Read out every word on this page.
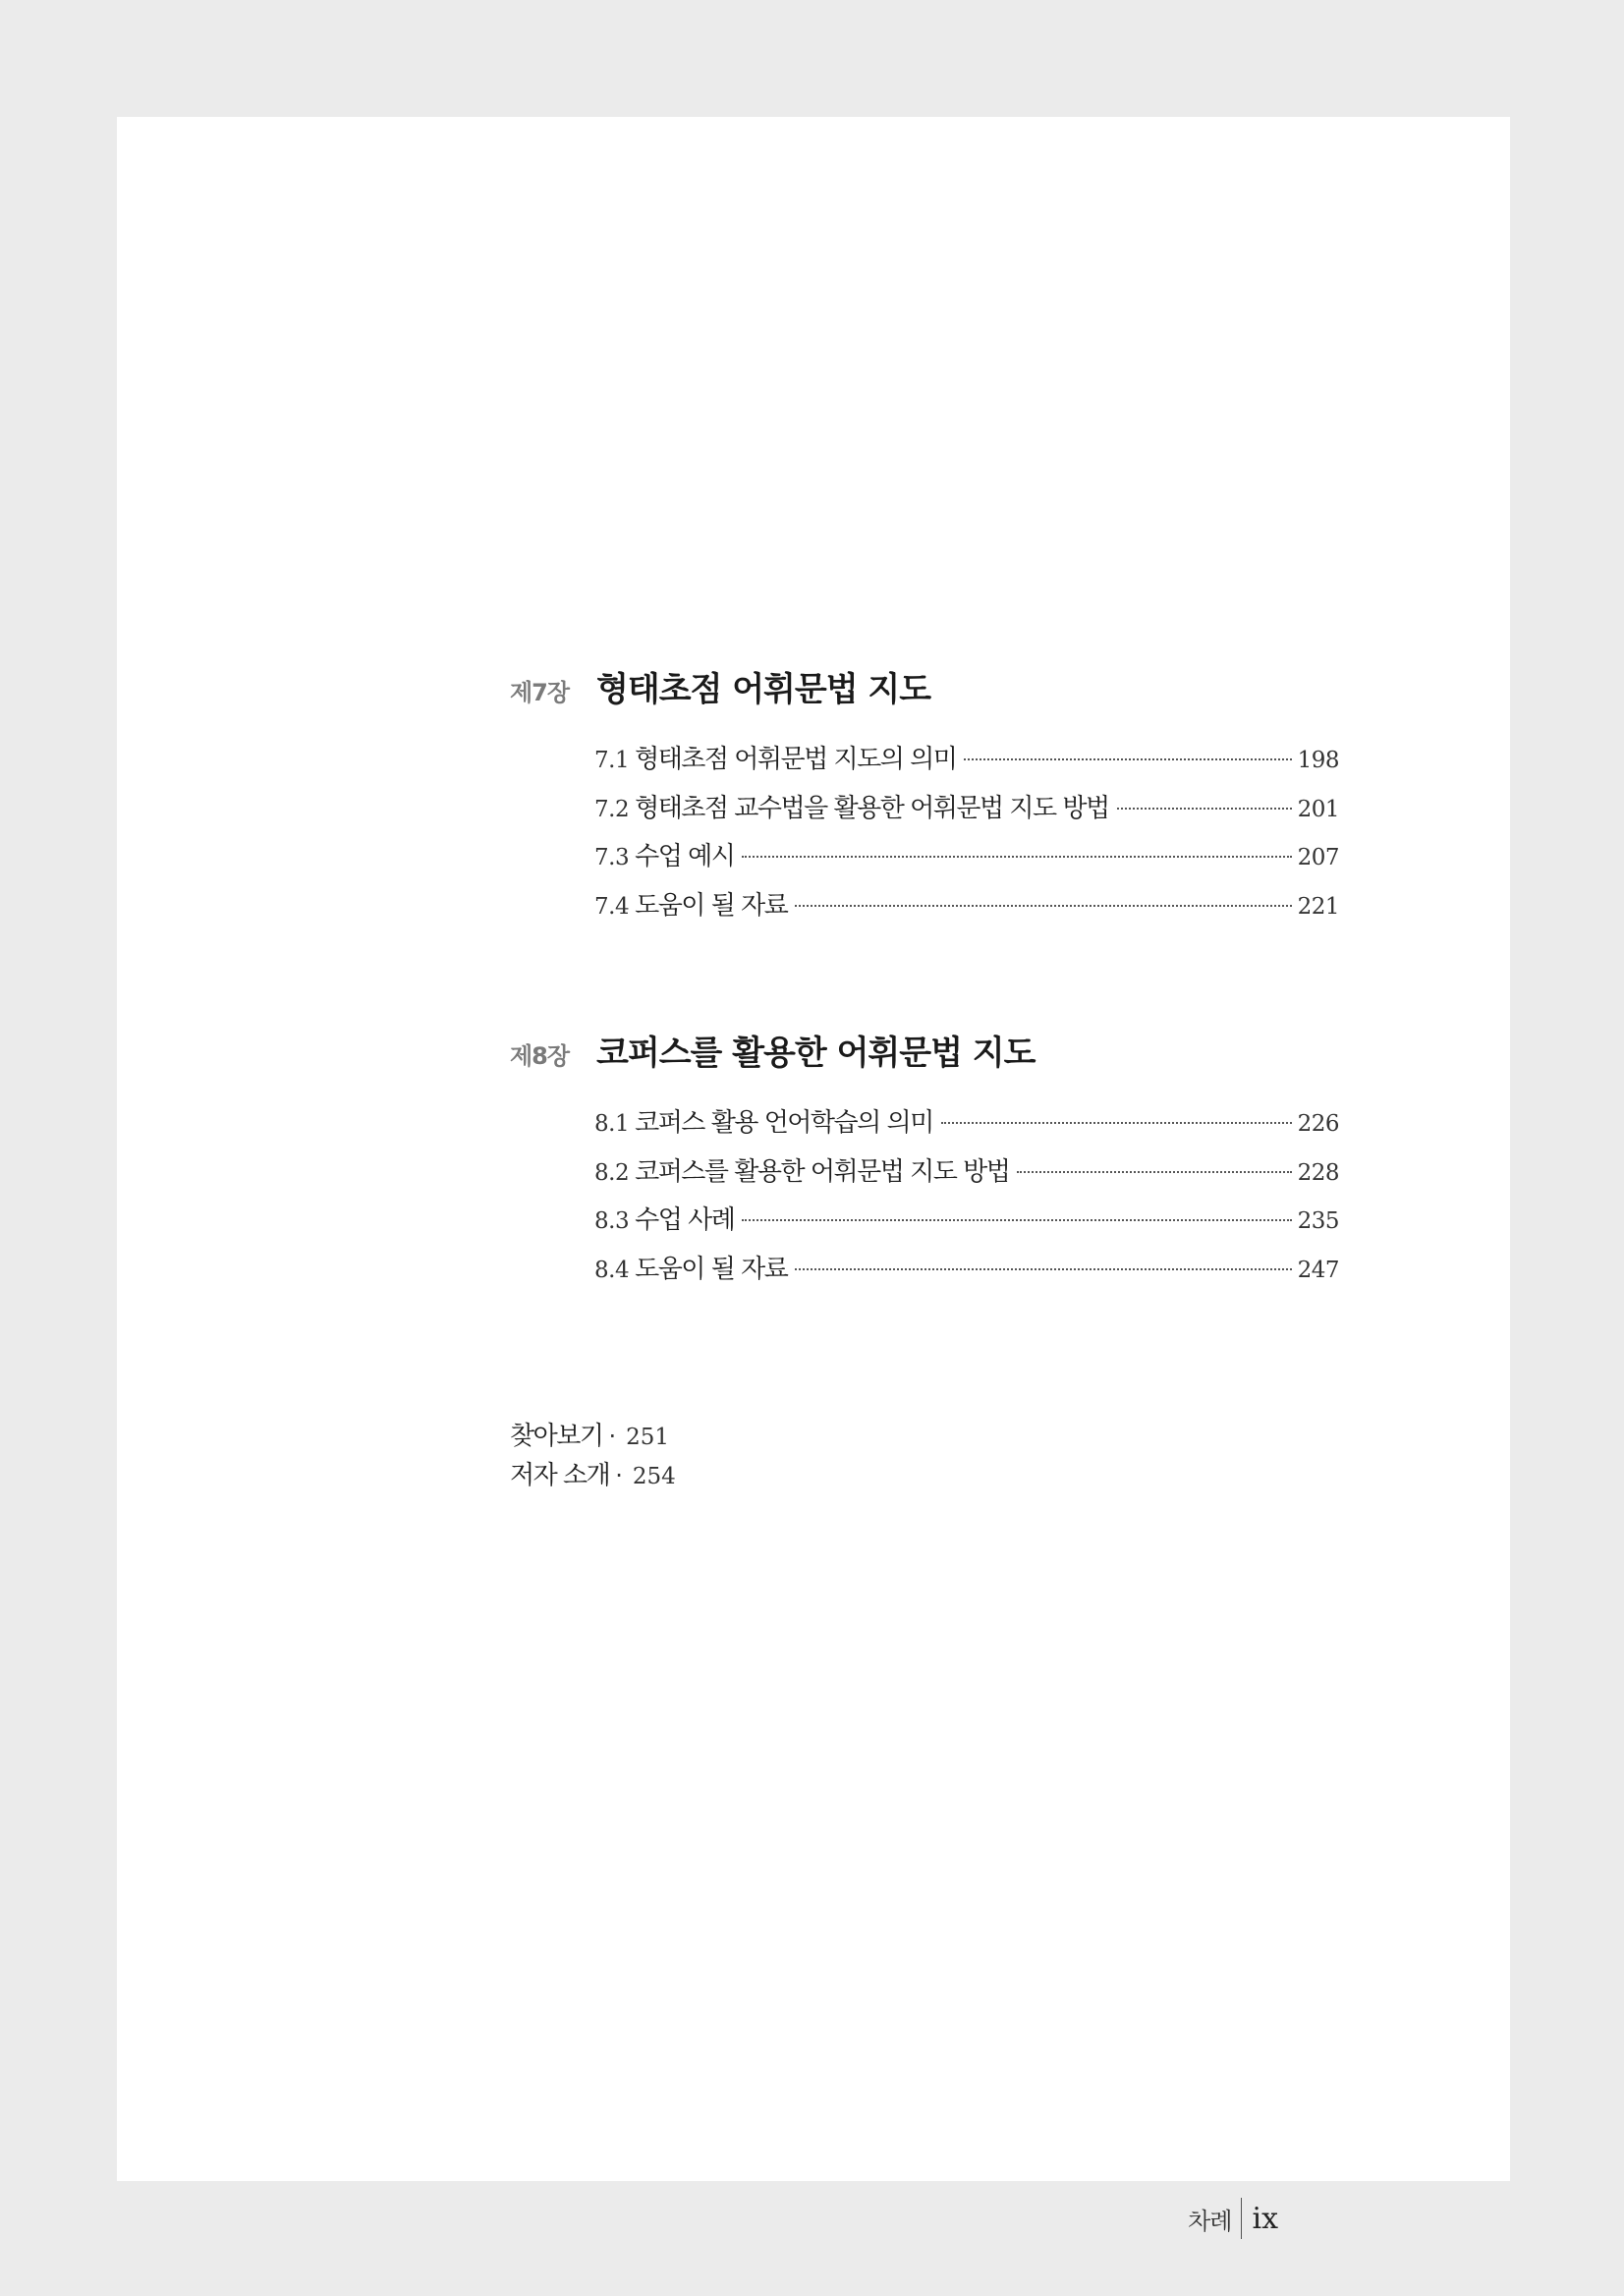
제7장 형태초점 어휘문법 지도
7.1 형태초점 어휘문법 지도의 의미	198
7.2 형태초점 교수법을 활용한 어휘문법 지도 방법	201
7.3 수업 예시	207
7.4 도움이 될 자료	221
제8장 코퍼스를 활용한 어휘문법 지도
8.1 코퍼스 활용 언어학습의 의미	226
8.2 코퍼스를 활용한 어휘문법 지도 방법	228
8.3 수업 사례	235
8.4 도움이 될 자료	247
찾아보기 · 251
저자 소개 · 254
차례 ix
